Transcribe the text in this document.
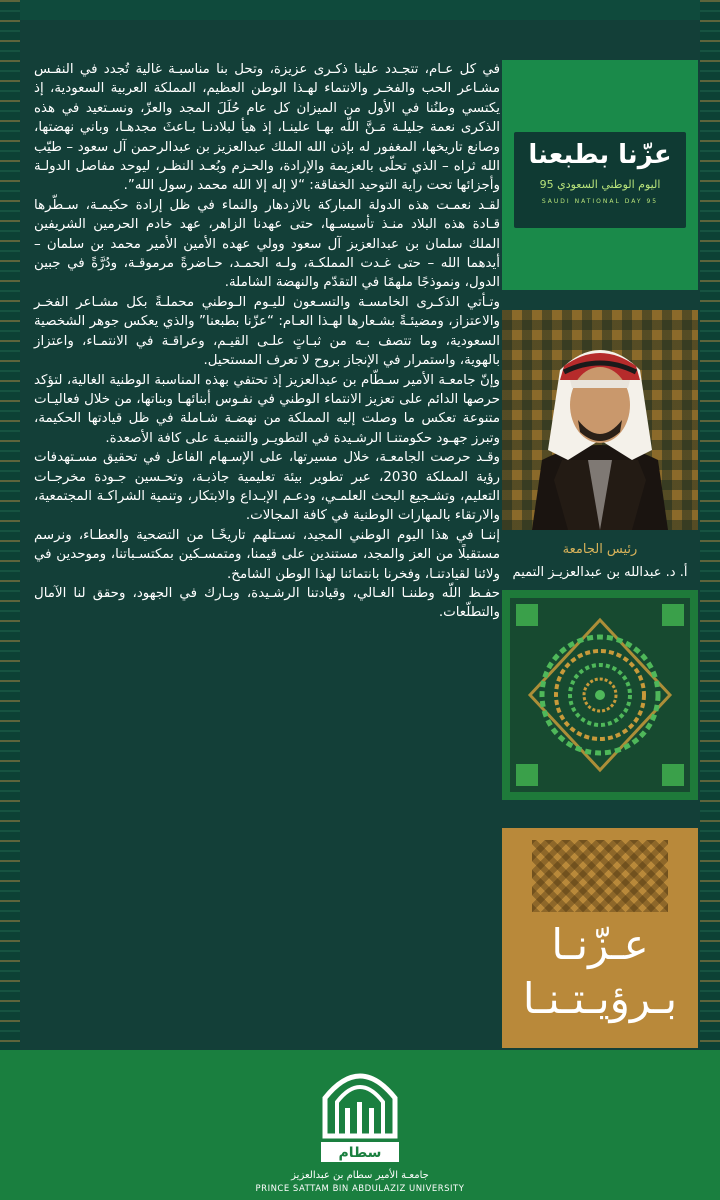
في كل عـام، تتجـدد علينا ذكـرى عزيزة، وتحل بنا مناسبـة غالية تُجدد في النفـس مشـاعر الحب والفخـر والانتماء لهـذا الوطن العظيم، المملكة العربية السعودية، إذ يكتسي وطنُنا في الأول من الميزان كل عام حُلَلَ المجد والعزّ، ونسـتعيد في هذه الذكرى نعمة جليلـة مَـنَّ اللّه بهـا علينـا، إذ هيأ لبلادنـا بـاعثَ مجدهـا، وباني نهضتها، وصانع تاريخها، المغفور له بإذن الله الملك عبدالعزيز بن عبدالرحمن آل سعود – طيّب الله ثراه – الذي تحلّى بالعزيمة والإرادة، والحـزم وبُعـد النظـر، ليوحد مفاصل الدولـة وأجزائها تحت راية التوحيد الخفاقة: “لا إله إلا الله محمد رسول الله”.

لقـد نعمـت هذه الدولة المباركة بالازدهار والنماء في ظل إرادة حكيمـة، سـطّرها قـادة هذه البلاد منـذ تأسيسـها، حتى عهدنا الزاهر، عهد خادم الحرمين الشريفين الملك سلمان بن عبدالعزيز آل سعود وولي عهده الأمين الأمير محمد بن سلمان – أيدهما الله – حتى غـدت المملكـة، ولـه الحمـد، حـاضرةً مرموقـة، ودُرَّةً في جبين الدول، ونموذجًا ملهمًا في التقدّم والنهضة الشاملة.

وتـأتي الذكـرى الخامسـة والتسـعون لليـوم الـوطني محملـةً بكل مشـاعر الفخـر والاعتزاز، ومضيئـةً بشـعارها لهـذا العـام: “عزّنا بطبعنا” والذي يعكس جوهر الشخصية السعودية، وما تتصف بـه من ثبـاتٍ علـى القيـم، وعراقـة في الانتمـاء، واعتزاز بالهوية، واستمرار في الإنجاز بروح لا تعرف المستحيل.

وإنّ جامعـة الأمير سـطّام بن عبدالعزيز إذ تحتفي بهذه المناسبة الوطنية الغالية، لتؤكد حرصها الدائم على تعزيز الانتماء الوطني في نفـوس أبنائهـا وبناتها، من خلال فعاليـات متنوعة تعكس ما وصلت إليه المملكة من نهضـة شـاملة في ظل قيادتها الحكيمة، وتبرز جهـود حكومتنـا الرشـيدة في التطويـر والتنميـة على كافة الأصعدة.

وقـد حرصت الجامعـة، خلال مسيرتها، على الإسـهام الفاعل في تحقيق مسـتهدفات رؤية المملكة 2030، عبر تطوير بيئة تعليمية جاذبـة، وتحـسين جـودة مخرجـات التعليم، وتشـجيع البحث العلمـي، ودعـم الإبـداع والابتكار، وتنمية الشراكـة المجتمعية، والارتقاء بالمهارات الوطنية في كافة المجالات.

إننـا في هذا اليوم الوطني المجيد، نسـتلهم تاريخًـا من التضحية والعطـاء، ونرسم مستقبلًا من العز والمجد، مستندين على قيمنا، ومتمسـكين بمكتسـباتنا، وموحدين في ولائنا لقيادتنـا، وفخرنا بانتمائنا لهذا الوطن الشامخ.

حفـظ اللّه وطننـا الغـالي، وقيادتنا الرشـيدة، وبـارك في الجهود، وحقق لنا الآمال والتطلّعات.

عزّنا بطبعنا
اليوم الوطني السعودي 95
SAUDI NATIONAL DAY 95
رئيس الجامعة
أ. د. عبدالله بن عبدالعزيـز التميم
عـزّنـا
بـرؤيـتـنـا
سطام
جامعـة الأمير سطام بن عبدالعزيز
PRINCE SATTAM BIN ABDULAZIZ UNIVERSITY
